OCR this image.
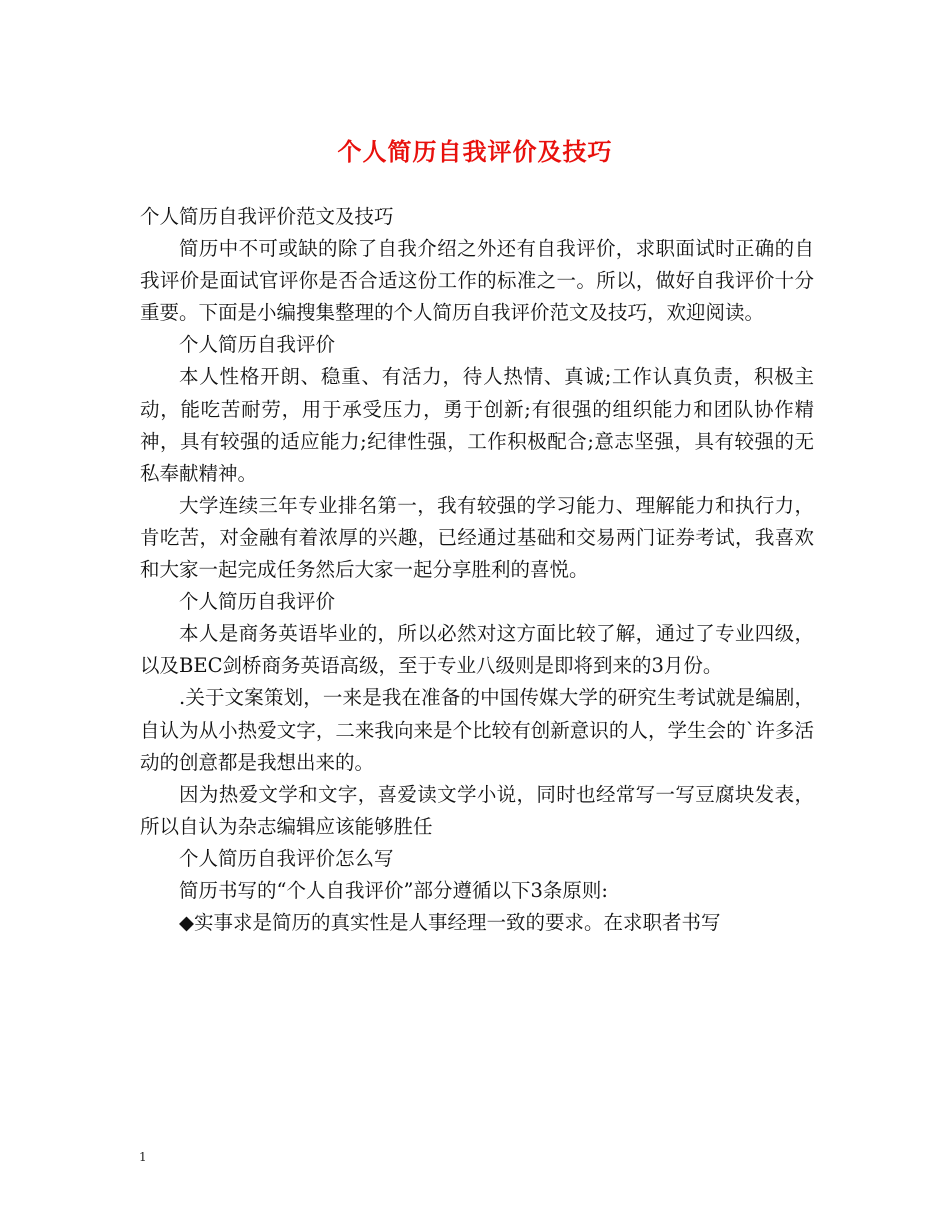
个人简历自我评价及技巧

个人简历自我评价范文及技巧

简历中不可或缺的除了自我介绍之外还有自我评价，求职面试时正确的自我评价是面试官评你是否合适这份工作的标准之一。所以，做好自我评价十分重要。下面是小编搜集整理的个人简历自我评价范文及技巧，欢迎阅读。

个人简历自我评价

本人性格开朗、稳重、有活力，待人热情、真诚;工作认真负责，积极主动，能吃苦耐劳，用于承受压力，勇于创新;有很强的组织能力和团队协作精神，具有较强的适应能力;纪律性强，工作积极配合;意志坚强，具有较强的无私奉献精神。

大学连续三年专业排名第一，我有较强的学习能力、理解能力和执行力，肯吃苦，对金融有着浓厚的兴趣，已经通过基础和交易两门证券考试，我喜欢和大家一起完成任务然后大家一起分享胜利的喜悦。

个人简历自我评价

本人是商务英语毕业的，所以必然对这方面比较了解，通过了专业四级，以及BEC剑桥商务英语高级，至于专业八级则是即将到来的3月份。

.关于文案策划，一来是我在准备的中国传媒大学的研究生考试就是编剧，自认为从小热爱文字，二来我向来是个比较有创新意识的人，学生会的`许多活动的创意都是我想出来的。

因为热爱文学和文字，喜爱读文学小说，同时也经常写一写豆腐块发表，所以自认为杂志编辑应该能够胜任

个人简历自我评价怎么写

简历书写的“个人自我评价”部分遵循以下3条原则:

◆实事求是简历的真实性是人事经理一致的要求。在求职者书写

1
